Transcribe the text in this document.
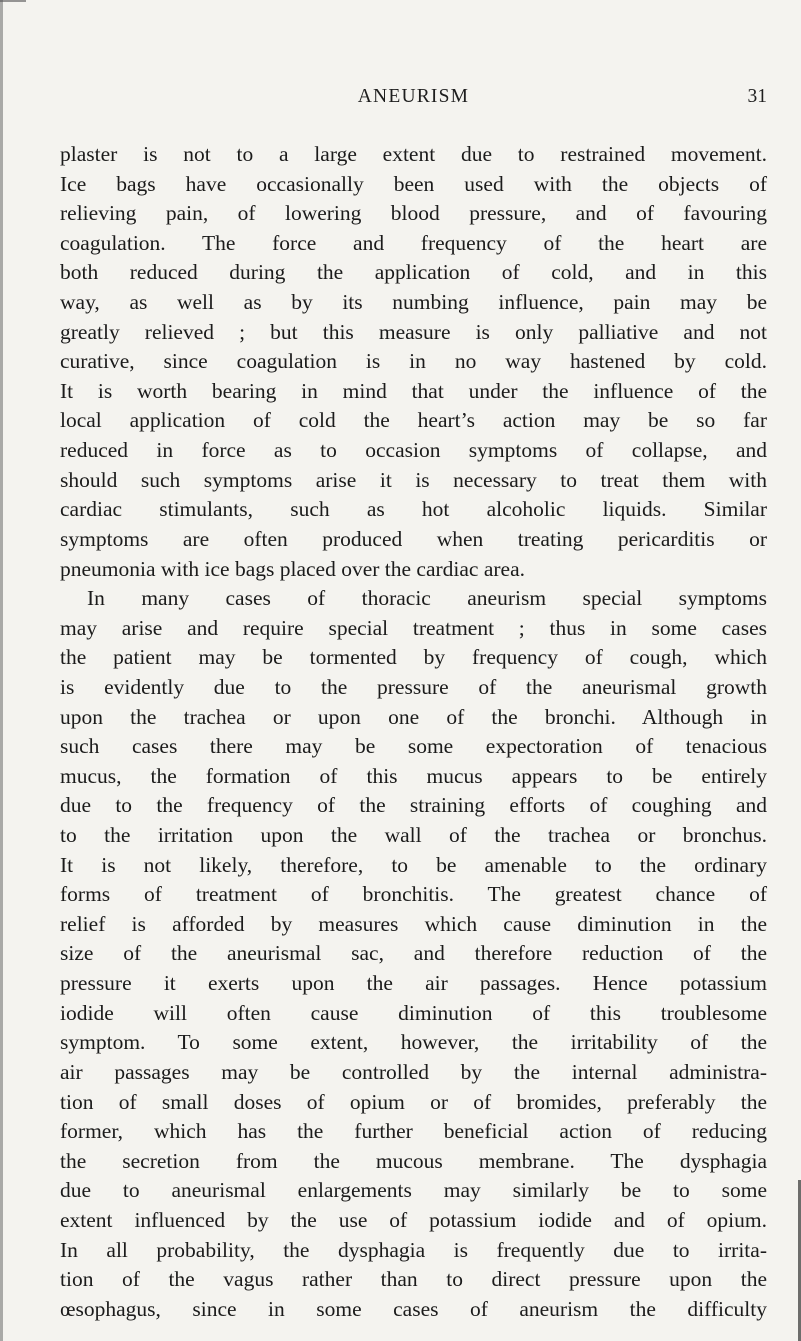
ANEURISM	31
plaster is not to a large extent due to restrained movement.
Ice bags have occasionally been used with the objects of
relieving pain, of lowering blood pressure, and of favouring
coagulation. The force and frequency of the heart are
both reduced during the application of cold, and in this
way, as well as by its numbing influence, pain may be
greatly relieved ; but this measure is only palliative and not
curative, since coagulation is in no way hastened by cold.
It is worth bearing in mind that under the influence of the
local application of cold the heart’s action may be so far
reduced in force as to occasion symptoms of collapse, and
should such symptoms arise it is necessary to treat them with
cardiac stimulants, such as hot alcoholic liquids. Similar
symptoms are often produced when treating pericarditis or
pneumonia with ice bags placed over the cardiac area.
In many cases of thoracic aneurism special symptoms
may arise and require special treatment ; thus in some cases
the patient may be tormented by frequency of cough, which
is evidently due to the pressure of the aneurismal growth
upon the trachea or upon one of the bronchi. Although in
such cases there may be some expectoration of tenacious
mucus, the formation of this mucus appears to be entirely
due to the frequency of the straining efforts of coughing and
to the irritation upon the wall of the trachea or bronchus.
It is not likely, therefore, to be amenable to the ordinary
forms of treatment of bronchitis. The greatest chance of
relief is afforded by measures which cause diminution in the
size of the aneurismal sac, and therefore reduction of the
pressure it exerts upon the air passages. Hence potassium
iodide will often cause diminution of this troublesome
symptom. To some extent, however, the irritability of the
air passages may be controlled by the internal administra-
tion of small doses of opium or of bromides, preferably the
former, which has the further beneficial action of reducing
the secretion from the mucous membrane. The dysphagia
due to aneurismal enlargements may similarly be to some
extent influenced by the use of potassium iodide and of opium.
In all probability, the dysphagia is frequently due to irrita-
tion of the vagus rather than to direct pressure upon the
œsophagus, since in some cases of aneurism the difficulty
